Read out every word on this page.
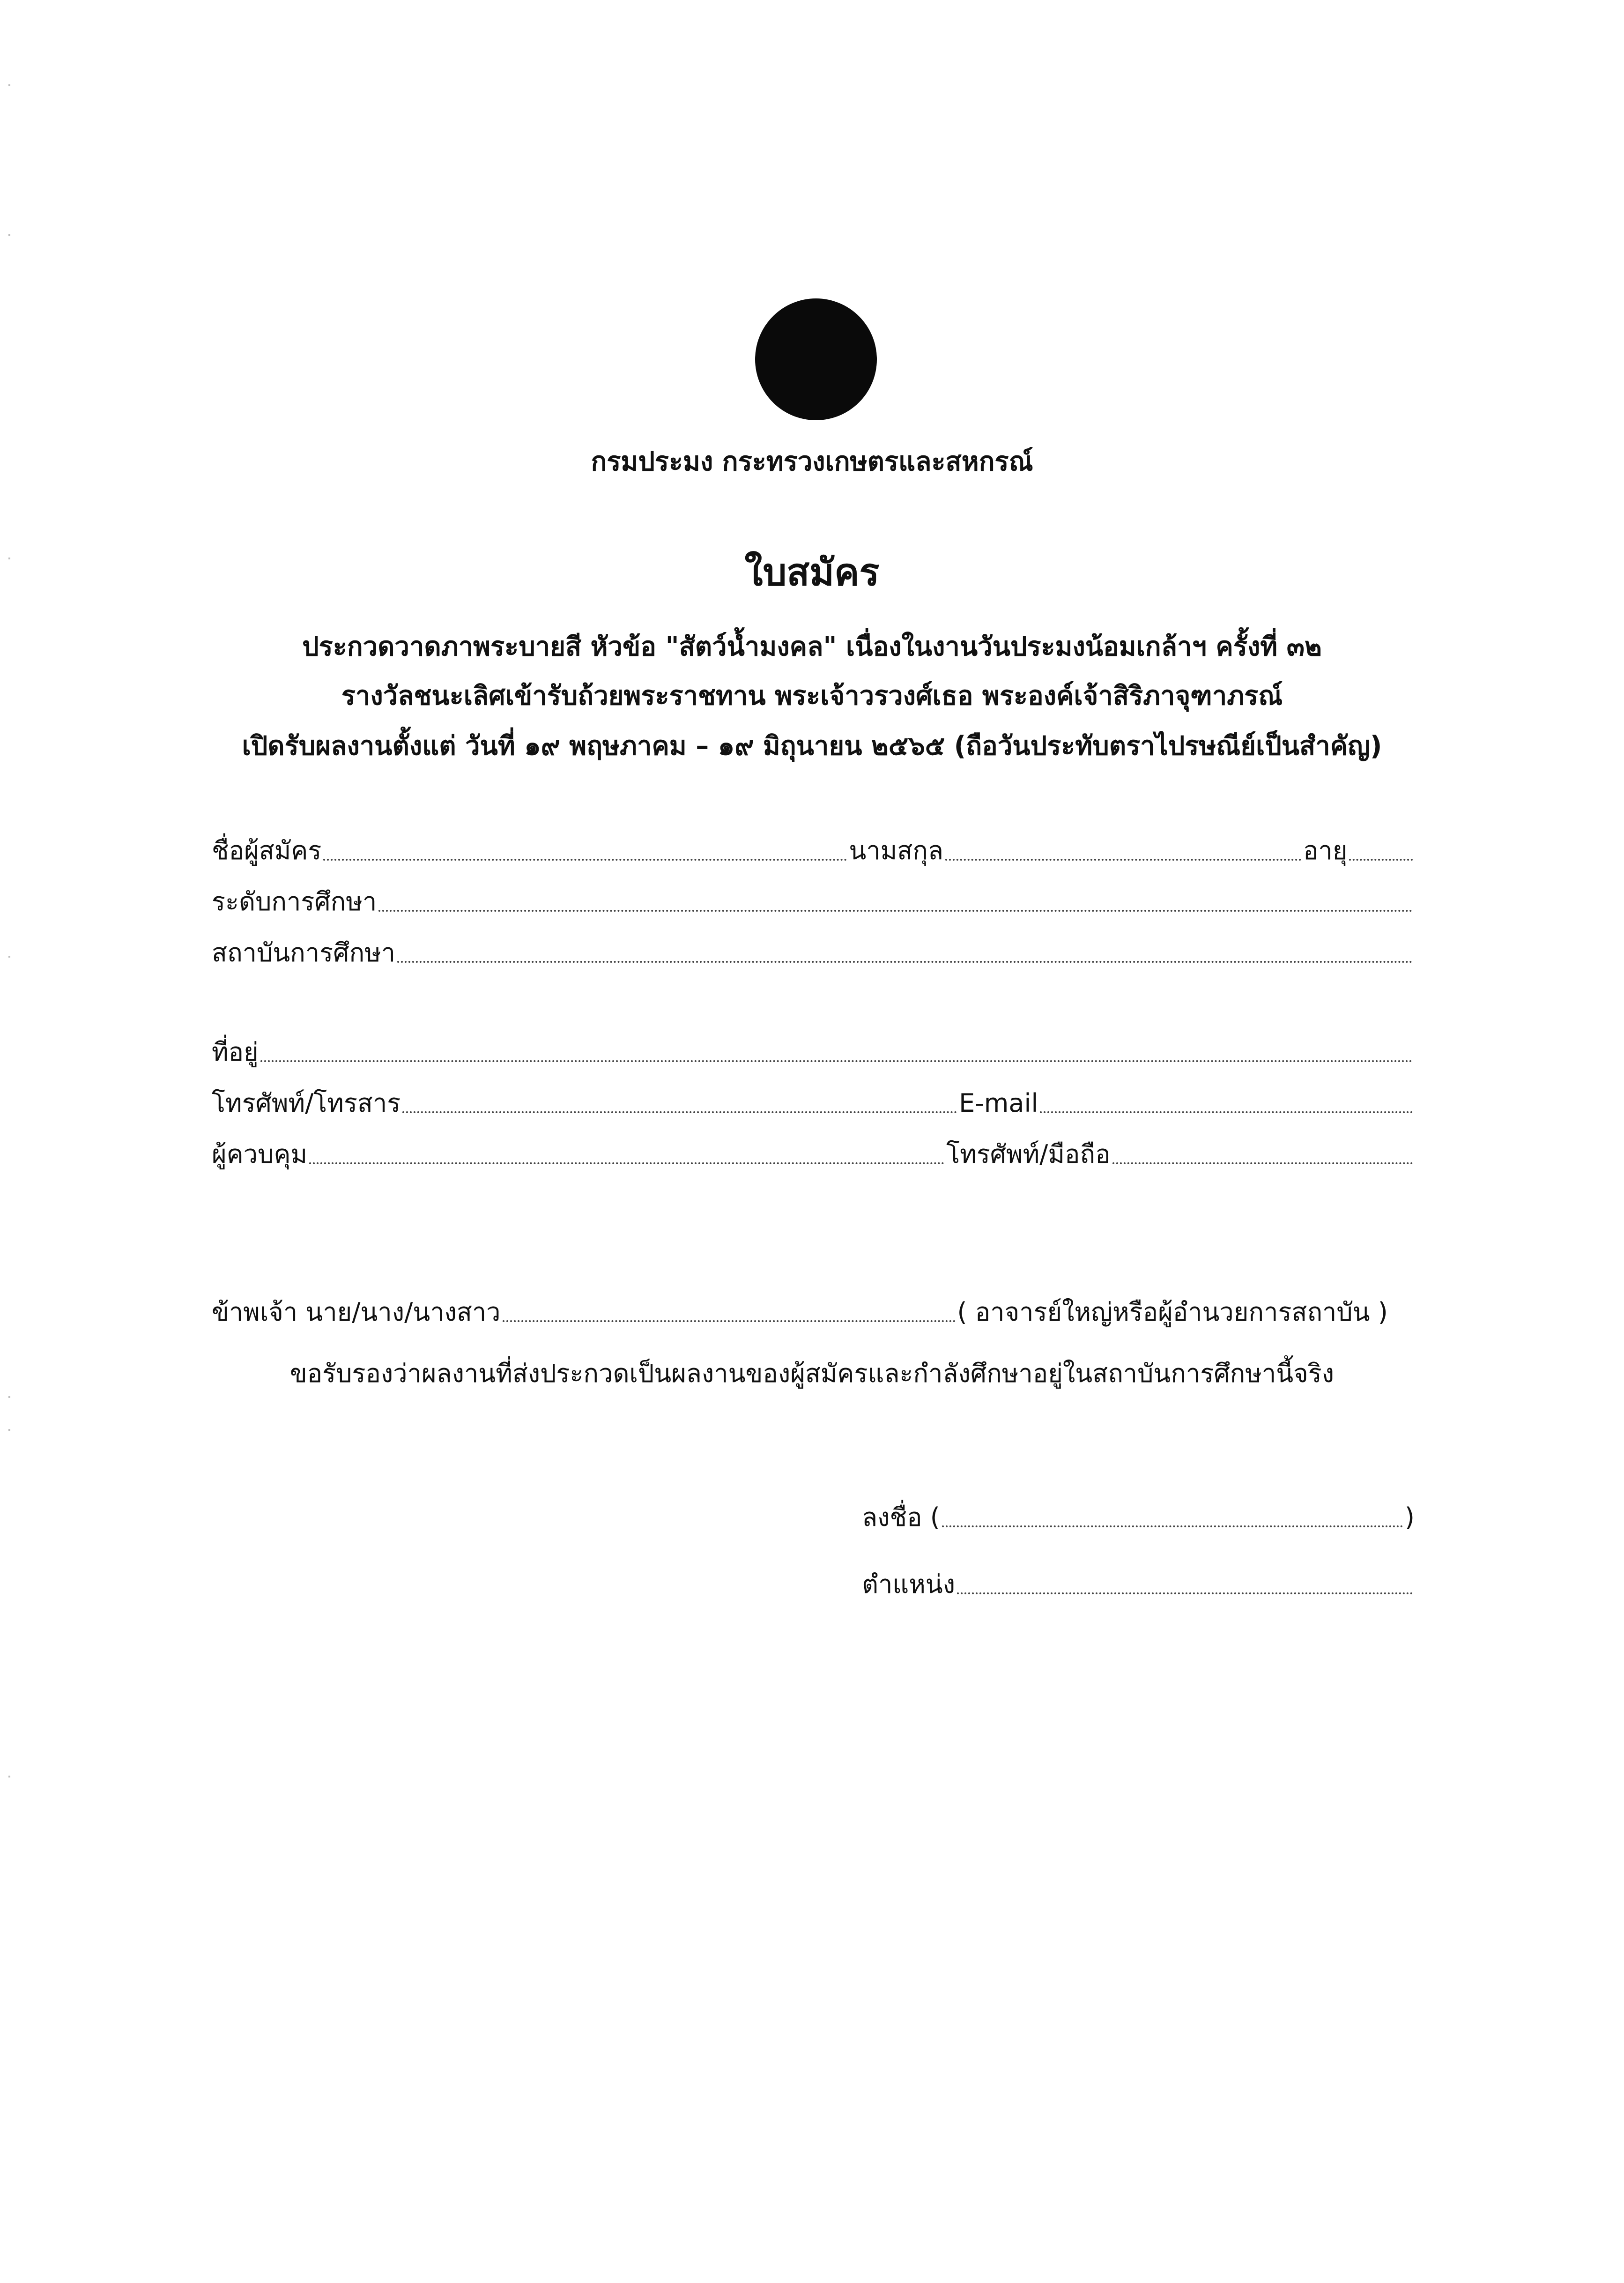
กรมประมง กระทรวงเกษตรและสหกรณ์
ใบสมัคร
ประกวดวาดภาพระบายสี หัวข้อ "สัตว์น้ำมงคล" เนื่องในงานวันประมงน้อมเกล้าฯ ครั้งที่ ๓๒
รางวัลชนะเลิศเข้ารับถ้วยพระราชทาน พระเจ้าวรวงศ์เธอ พระองค์เจ้าสิริภาจุฑาภรณ์
เปิดรับผลงานตั้งแต่ วันที่ ๑๙ พฤษภาคม – ๑๙ มิถุนายน ๒๕๖๕ (ถือวันประทับตราไปรษณีย์เป็นสำคัญ)
ชื่อผู้สมัคร	นามสกุล	อายุ
ระดับการศึกษา
สถาบันการศึกษา
ที่อยู่
โทรศัพท์/โทรสาร	E-mail
ผู้ควบคุม	โทรศัพท์/มือถือ
ข้าพเจ้า นาย/นาง/นางสาว	( อาจารย์ใหญ่หรือผู้อำนวยการสถาบัน )
ขอรับรองว่าผลงานที่ส่งประกวดเป็นผลงานของผู้สมัครและกำลังศึกษาอยู่ในสถาบันการศึกษานี้จริง
ลงชื่อ (	)
ตำแหน่ง
